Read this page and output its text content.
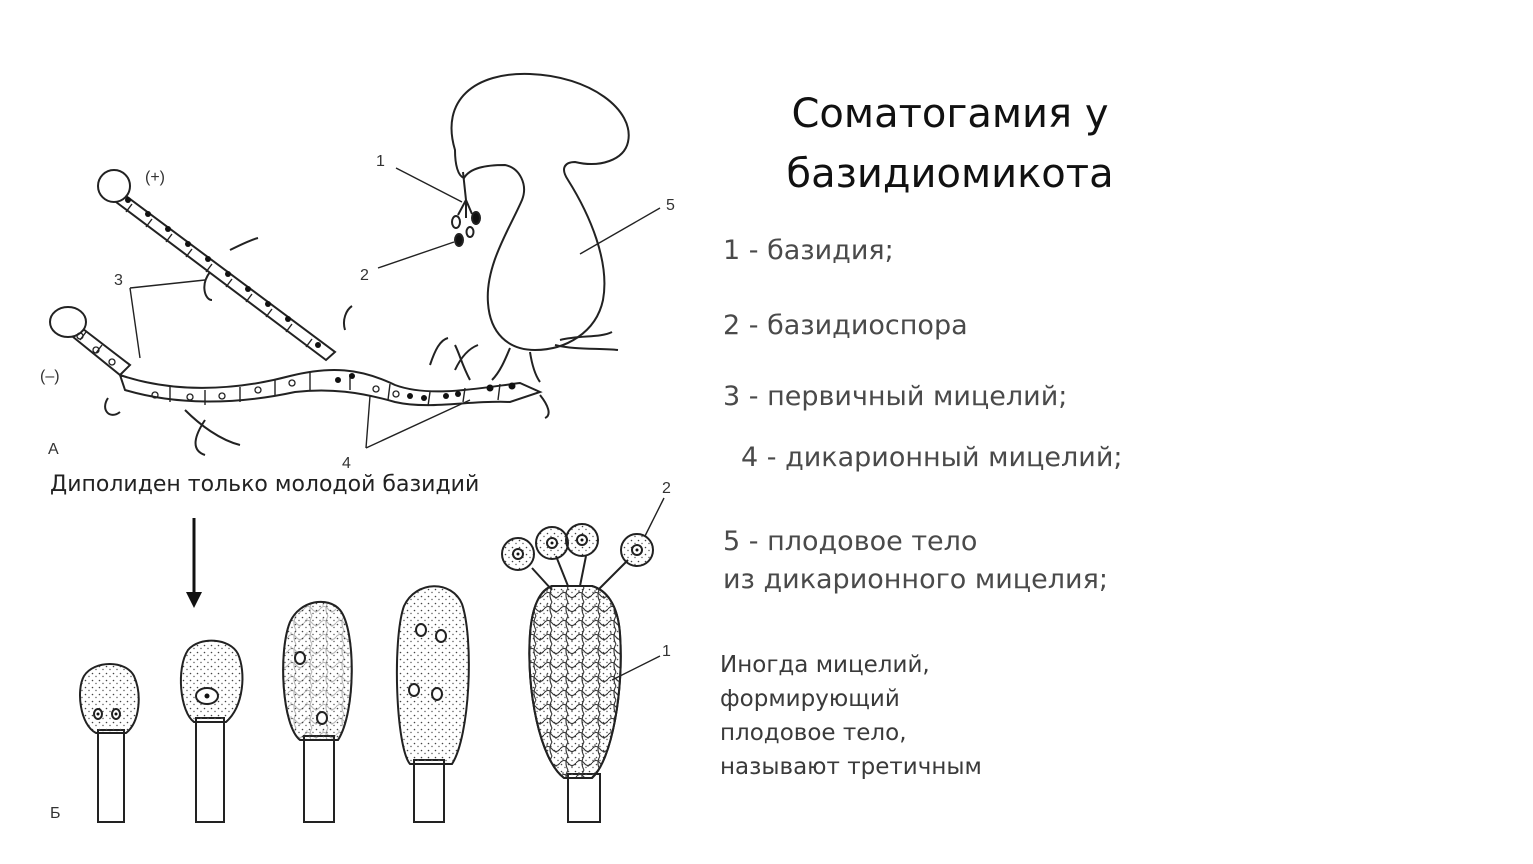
Соматогамия у
базидиомикота
1 - базидия;
2 - базидиоспора
3 - первичный мицелий;
4 - дикарионный мицелий;
5 - плодовое тело
из дикарионного мицелия;
Иногда мицелий,
формирующий
плодовое тело,
называют третичным
Диполиден только молодой базидий
(+)
(–)
А
1
2
3
4
5
Б
2
1
